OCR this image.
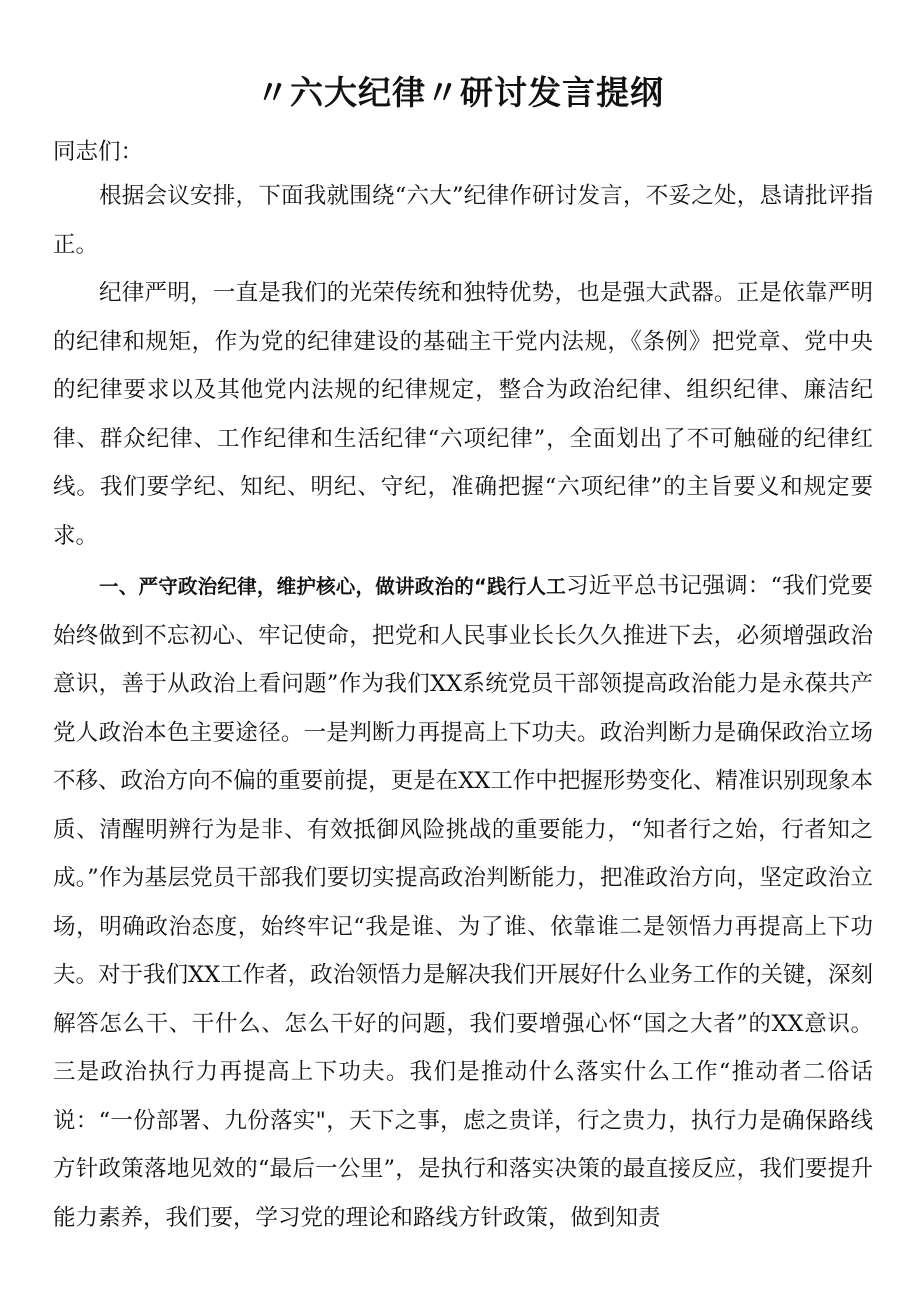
〃六大纪律〃研讨发言提纲

同志们：

根据会议安排，下面我就围绕“六大”纪律作研讨发言，不妥之处，恳请批评指正。

纪律严明，一直是我们的光荣传统和独特优势，也是强大武器。正是依靠严明的纪律和规矩，作为党的纪律建设的基础主干党内法规，《条例》把党章、党中央的纪律要求以及其他党内法规的纪律规定，整合为政治纪律、组织纪律、廉洁纪律、群众纪律、工作纪律和生活纪律“六项纪律”，全面划出了不可触碰的纪律红线。我们要学纪、知纪、明纪、守纪，准确把握“六项纪律”的主旨要义和规定要求。

一、严守政治纪律，维护核心，做讲政治的“践行人工习近平总书记强调：“我们党要始终做到不忘初心、牢记使命，把党和人民事业长长久久推进下去，必须增强政治意识，善于从政治上看问题”作为我们XX系统党员干部领提高政治能力是永葆共产党人政治本色主要途径。一是判断力再提高上下功夫。政治判断力是确保政治立场不移、政治方向不偏的重要前提，更是在XX工作中把握形势变化、精准识别现象本质、清醒明辨行为是非、有效抵御风险挑战的重要能力，“知者行之始，行者知之成。”作为基层党员干部我们要切实提高政治判断能力，把准政治方向，坚定政治立场，明确政治态度，始终牢记“我是谁、为了谁、依靠谁二是领悟力再提高上下功夫。对于我们XX工作者，政治领悟力是解决我们开展好什么业务工作的关键，深刻解答怎么干、干什么、怎么干好的问题，我们要增强心怀“国之大者”的XX意识。三是政治执行力再提高上下功夫。我们是推动什么落实什么工作“推动者二俗话说：“一份部署、九份落实"，天下之事，虑之贵详，行之贵力，执行力是确保路线方针政策落地见效的“最后一公里”，是执行和落实决策的最直接反应，我们要提升能力素养，我们要，学习党的理论和路线方针政策，做到知责
